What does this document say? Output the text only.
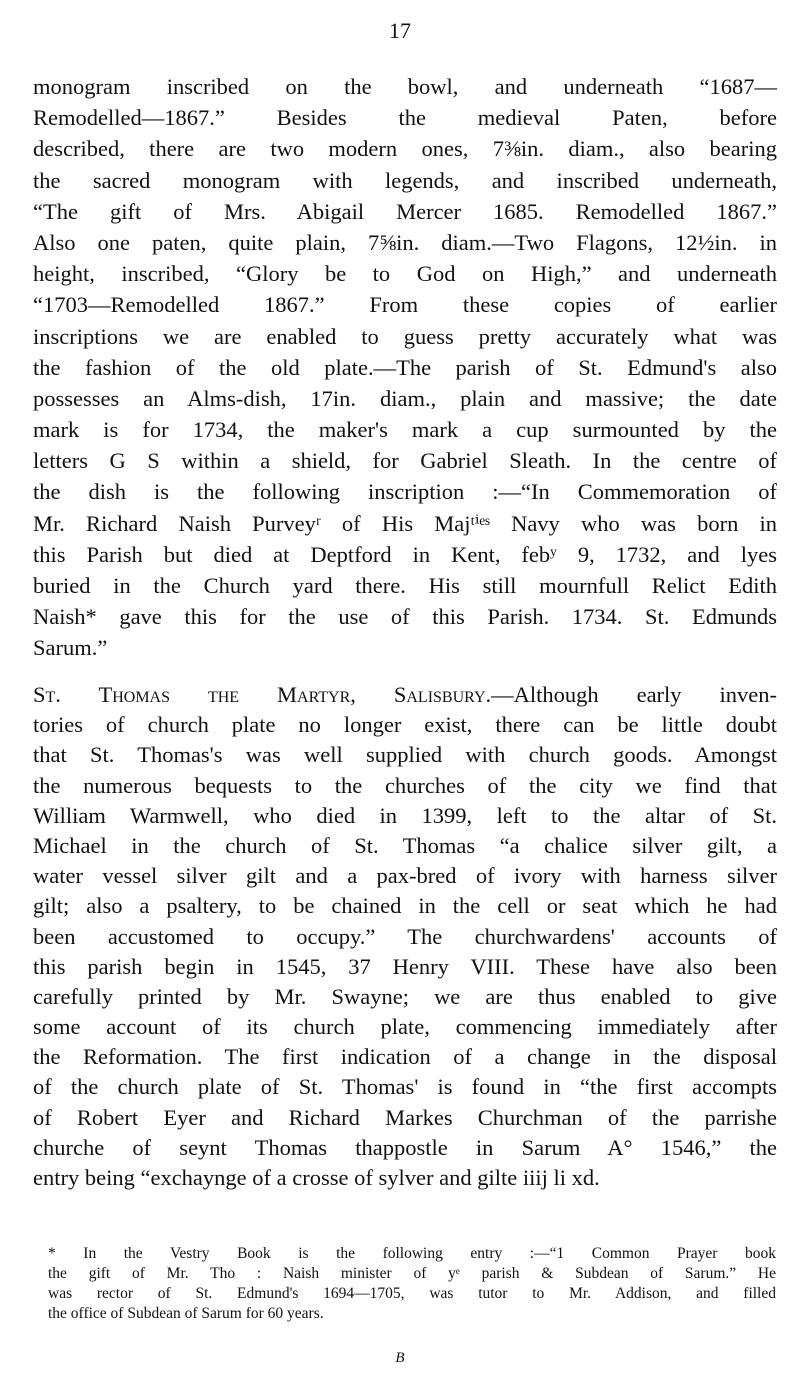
17
monogram inscribed on the bowl, and underneath “1687—
Remodelled—1867.” Besides the medieval Paten, before
described, there are two modern ones, 7⅜in. diam., also bearing
the sacred monogram with legends, and inscribed underneath,
“The gift of Mrs. Abigail Mercer 1685. Remodelled 1867.”
Also one paten, quite plain, 7⅝in. diam.—Two Flagons, 12½in. in
height, inscribed, “Glory be to God on High,” and underneath
“1703—Remodelled 1867.” From these copies of earlier
inscriptions we are enabled to guess pretty accurately what was
the fashion of the old plate.—The parish of St. Edmund's also
possesses an Alms-dish, 17in. diam., plain and massive; the date
mark is for 1734, the maker's mark a cup surmounted by the
letters G S within a shield, for Gabriel Sleath. In the centre of
the dish is the following inscription :—“In Commemoration of
Mr. Richard Naish Purveyʳ of His Majᵗⁱᵉˢ Navy who was born in
this Parish but died at Deptford in Kent, febʸ 9, 1732, and lyes
buried in the Church yard there. His still mournfull Relict Edith
Naish* gave this for the use of this Parish. 1734. St. Edmunds
Sarum.”
St. Thomas the Martyr, Salisbury.—Although early inven-
tories of church plate no longer exist, there can be little doubt
that St. Thomas's was well supplied with church goods. Amongst
the numerous bequests to the churches of the city we find that
William Warmwell, who died in 1399, left to the altar of St.
Michael in the church of St. Thomas “a chalice silver gilt, a
water vessel silver gilt and a pax-bred of ivory with harness silver
gilt; also a psaltery, to be chained in the cell or seat which he had
been accustomed to occupy.” The churchwardens' accounts of
this parish begin in 1545, 37 Henry VIII. These have also been
carefully printed by Mr. Swayne; we are thus enabled to give
some account of its church plate, commencing immediately after
the Reformation. The first indication of a change in the disposal
of the church plate of St. Thomas' is found in “the first accompts
of Robert Eyer and Richard Markes Churchman of the parrishe
churche of seynt Thomas thappostle in Sarum A° 1546,” the
entry being “exchaynge of a crosse of sylver and gilte iiij li xd.
* In the Vestry Book is the following entry :—“1 Common Prayer book
the gift of Mr. Tho : Naish minister of yᵉ parish & Subdean of Sarum.” He
was rector of St. Edmund's 1694—1705, was tutor to Mr. Addison, and filled
the office of Subdean of Sarum for 60 years.
B
